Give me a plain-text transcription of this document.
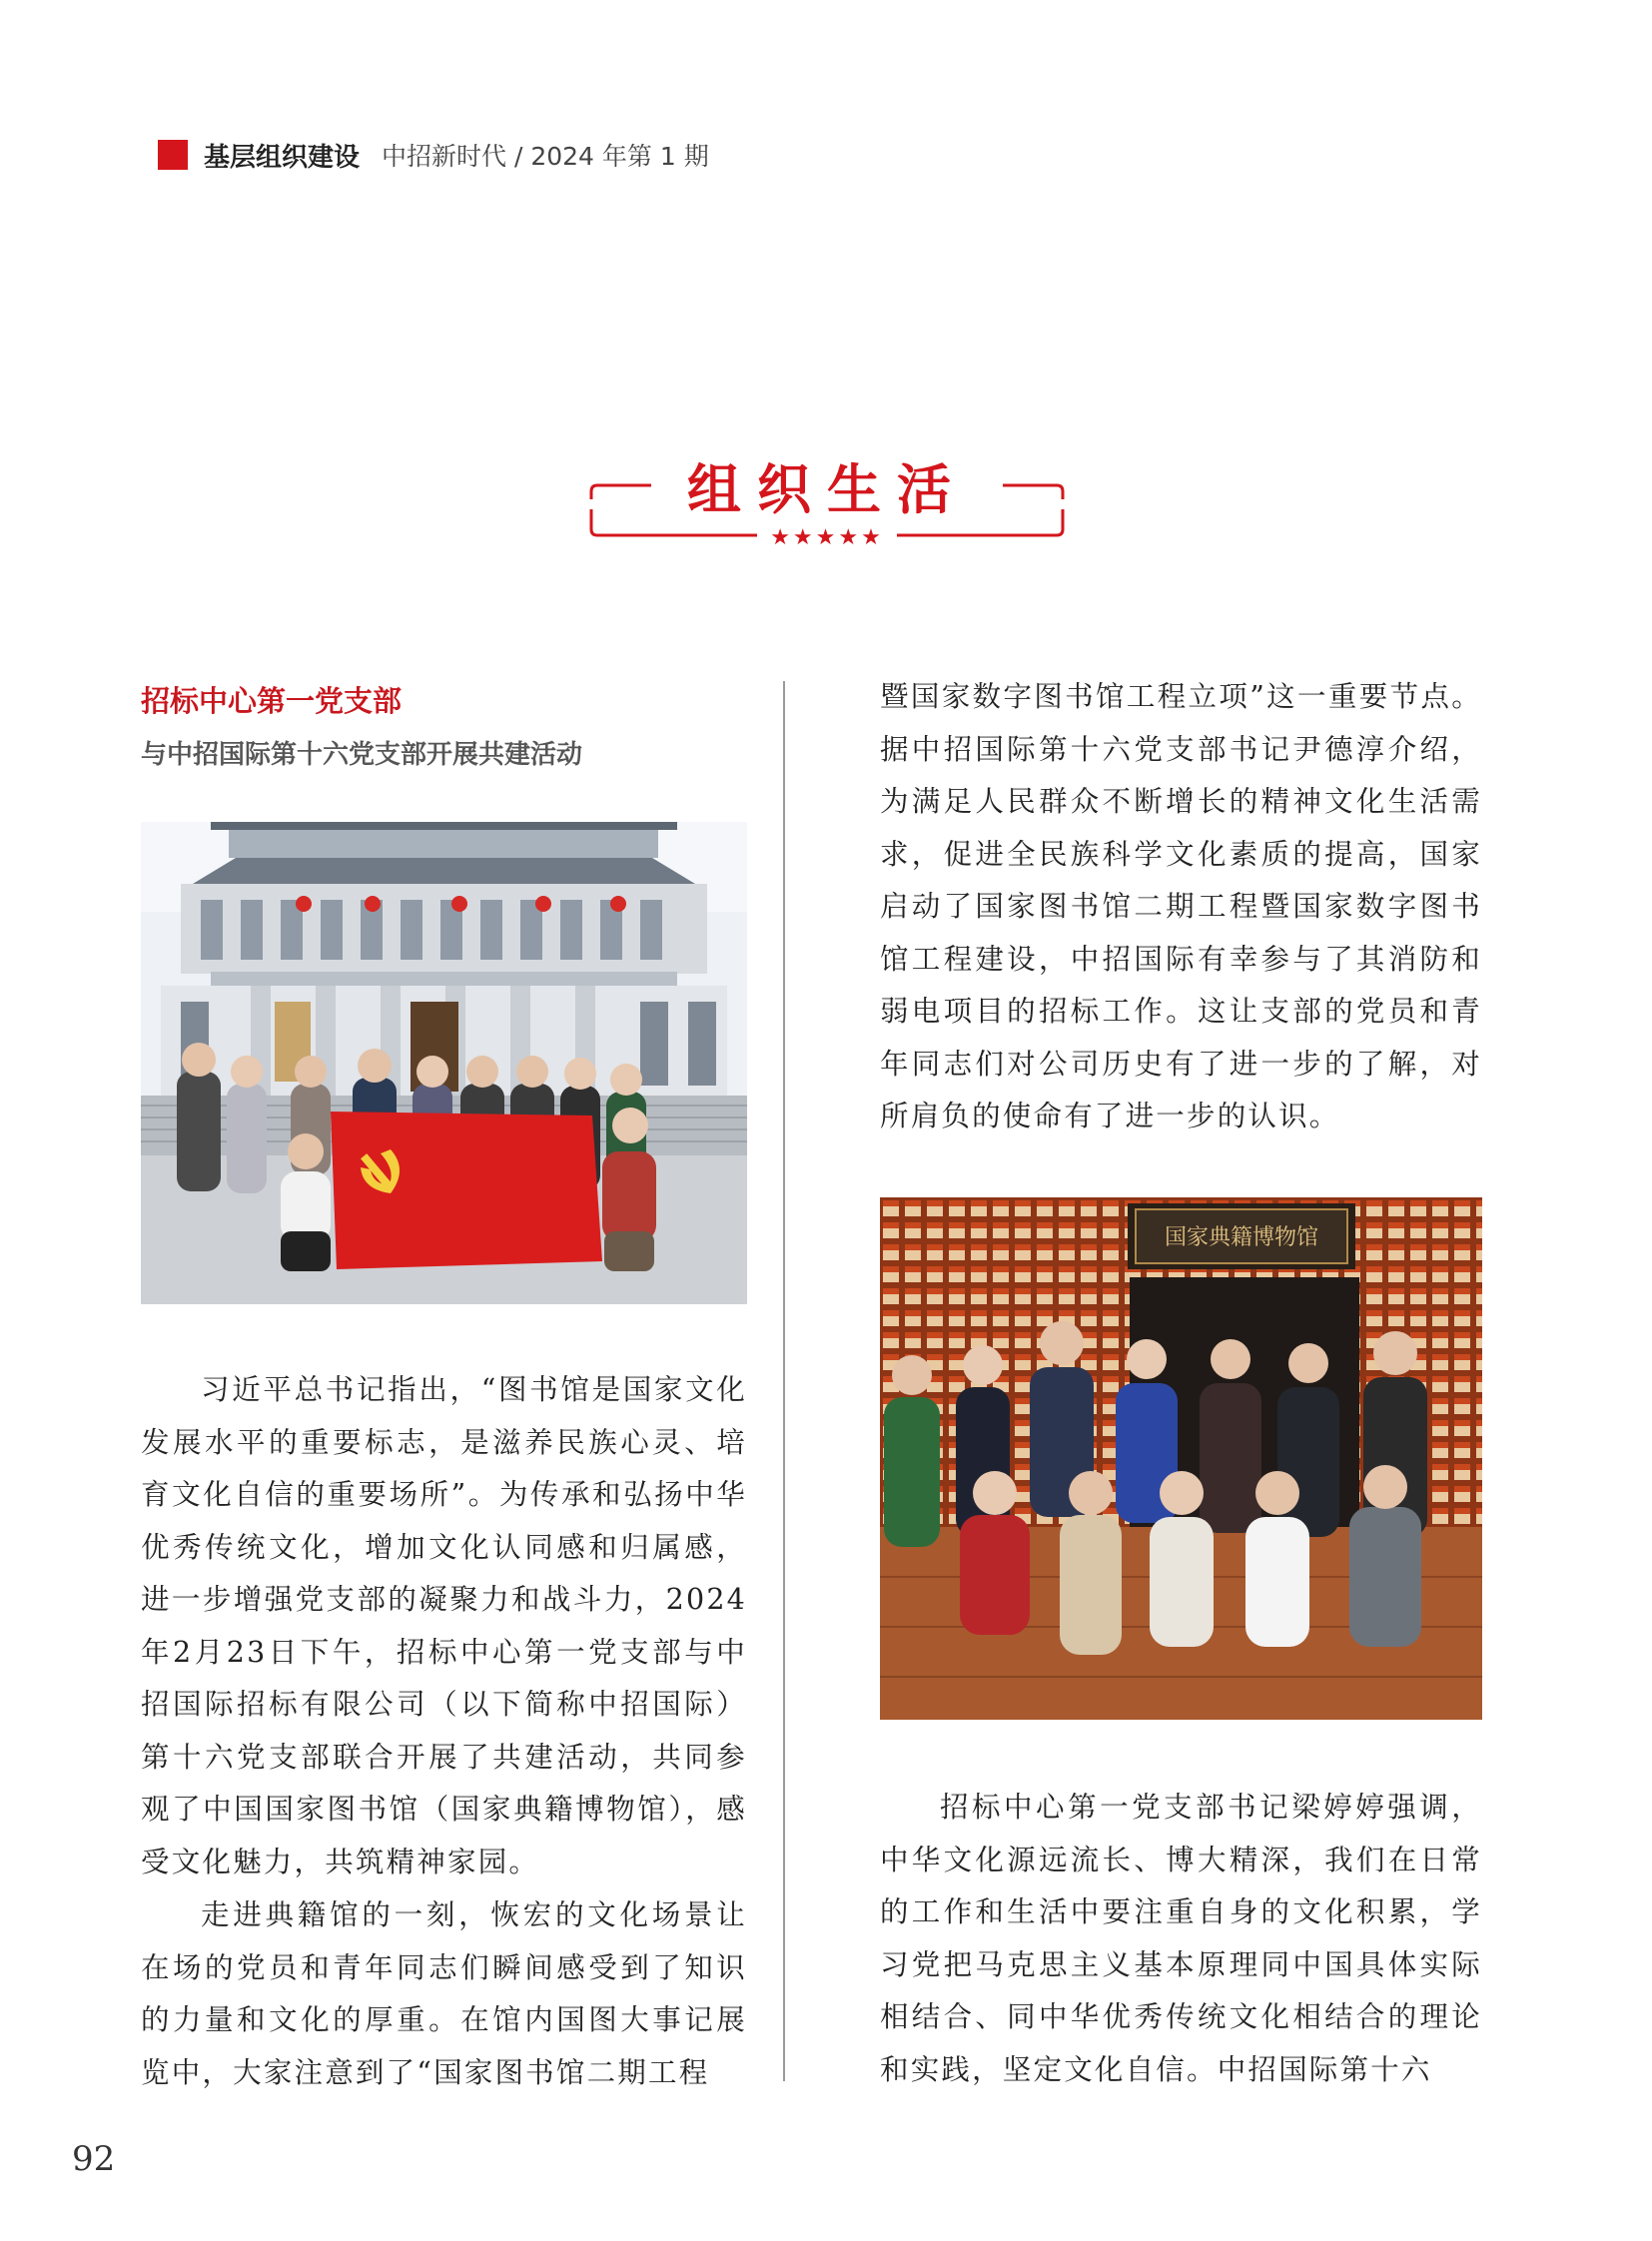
基层组织建设 中招新时代 / 2024 年第 1 期
组织生活
★★★★★
招标中心第一党支部
与中招国际第十六党支部开展共建活动

习近平总书记指出，“图书馆是国家文化发展水平的重要标志，是滋养民族心灵、培育文化自信的重要场所”。为传承和弘扬中华优秀传统文化，增加文化认同感和归属感，进一步增强党支部的凝聚力和战斗力，2024年2月23日下午，招标中心第一党支部与中招国际招标有限公司（以下简称中招国际）第十六党支部联合开展了共建活动，共同参观了中国国家图书馆（国家典籍博物馆），感受文化魅力，共筑精神家园。

走进典籍馆的一刻，恢宏的文化场景让在场的党员和青年同志们瞬间感受到了知识的力量和文化的厚重。在馆内国图大事记展览中，大家注意到了“国家图书馆二期工程

暨国家数字图书馆工程立项”这一重要节点。据中招国际第十六党支部书记尹德淳介绍，为满足人民群众不断增长的精神文化生活需求，促进全民族科学文化素质的提高，国家启动了国家图书馆二期工程暨国家数字图书馆工程建设，中招国际有幸参与了其消防和弱电项目的招标工作。这让支部的党员和青年同志们对公司历史有了进一步的了解，对所肩负的使命有了进一步的认识。

国家典籍博物馆

招标中心第一党支部书记梁婷婷强调，中华文化源远流长、博大精深，我们在日常的工作和生活中要注重自身的文化积累，学习党把马克思主义基本原理同中国具体实际相结合、同中华优秀传统文化相结合的理论和实践，坚定文化自信。中招国际第十六

92
